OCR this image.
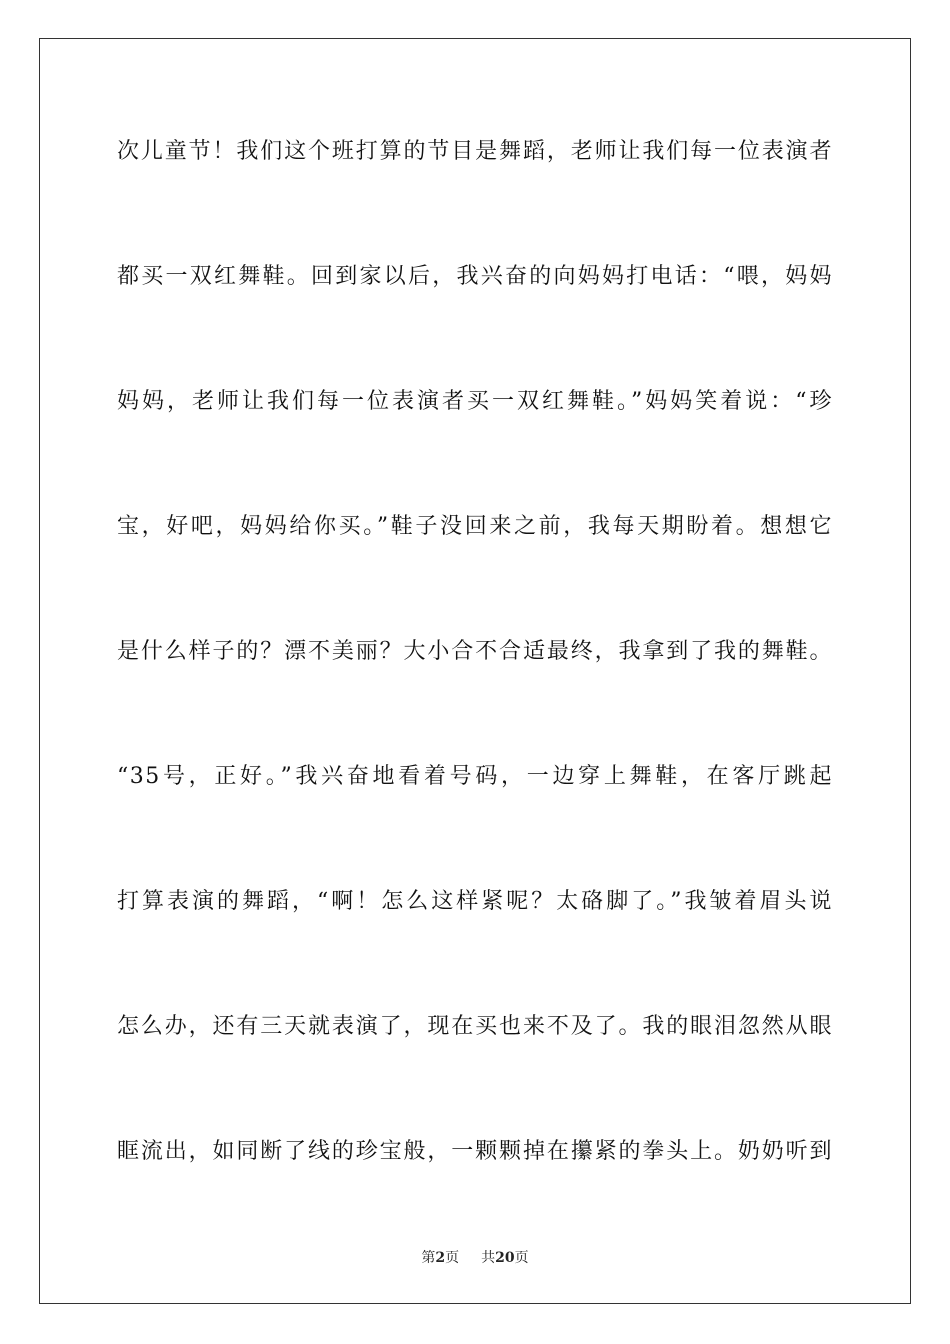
次儿童节！我们这个班打算的节目是舞蹈，老师让我们每一位表演者
都买一双红舞鞋。回到家以后，我兴奋的向妈妈打电话：“喂，妈妈
妈妈，老师让我们每一位表演者买一双红舞鞋。”妈妈笑着说：“珍
宝，好吧，妈妈给你买。”鞋子没回来之前，我每天期盼着。想想它
是什么样子的？漂不美丽？大小合不合适最终，我拿到了我的舞鞋。
“35号，正好。”我兴奋地看着号码，一边穿上舞鞋，在客厅跳起
打算表演的舞蹈，“啊！怎么这样紧呢？太硌脚了。”我皱着眉头说
怎么办，还有三天就表演了，现在买也来不及了。我的眼泪忽然从眼
眶流出，如同断了线的珍宝般，一颗颗掉在攥紧的拳头上。奶奶听到
第2页 共20页
